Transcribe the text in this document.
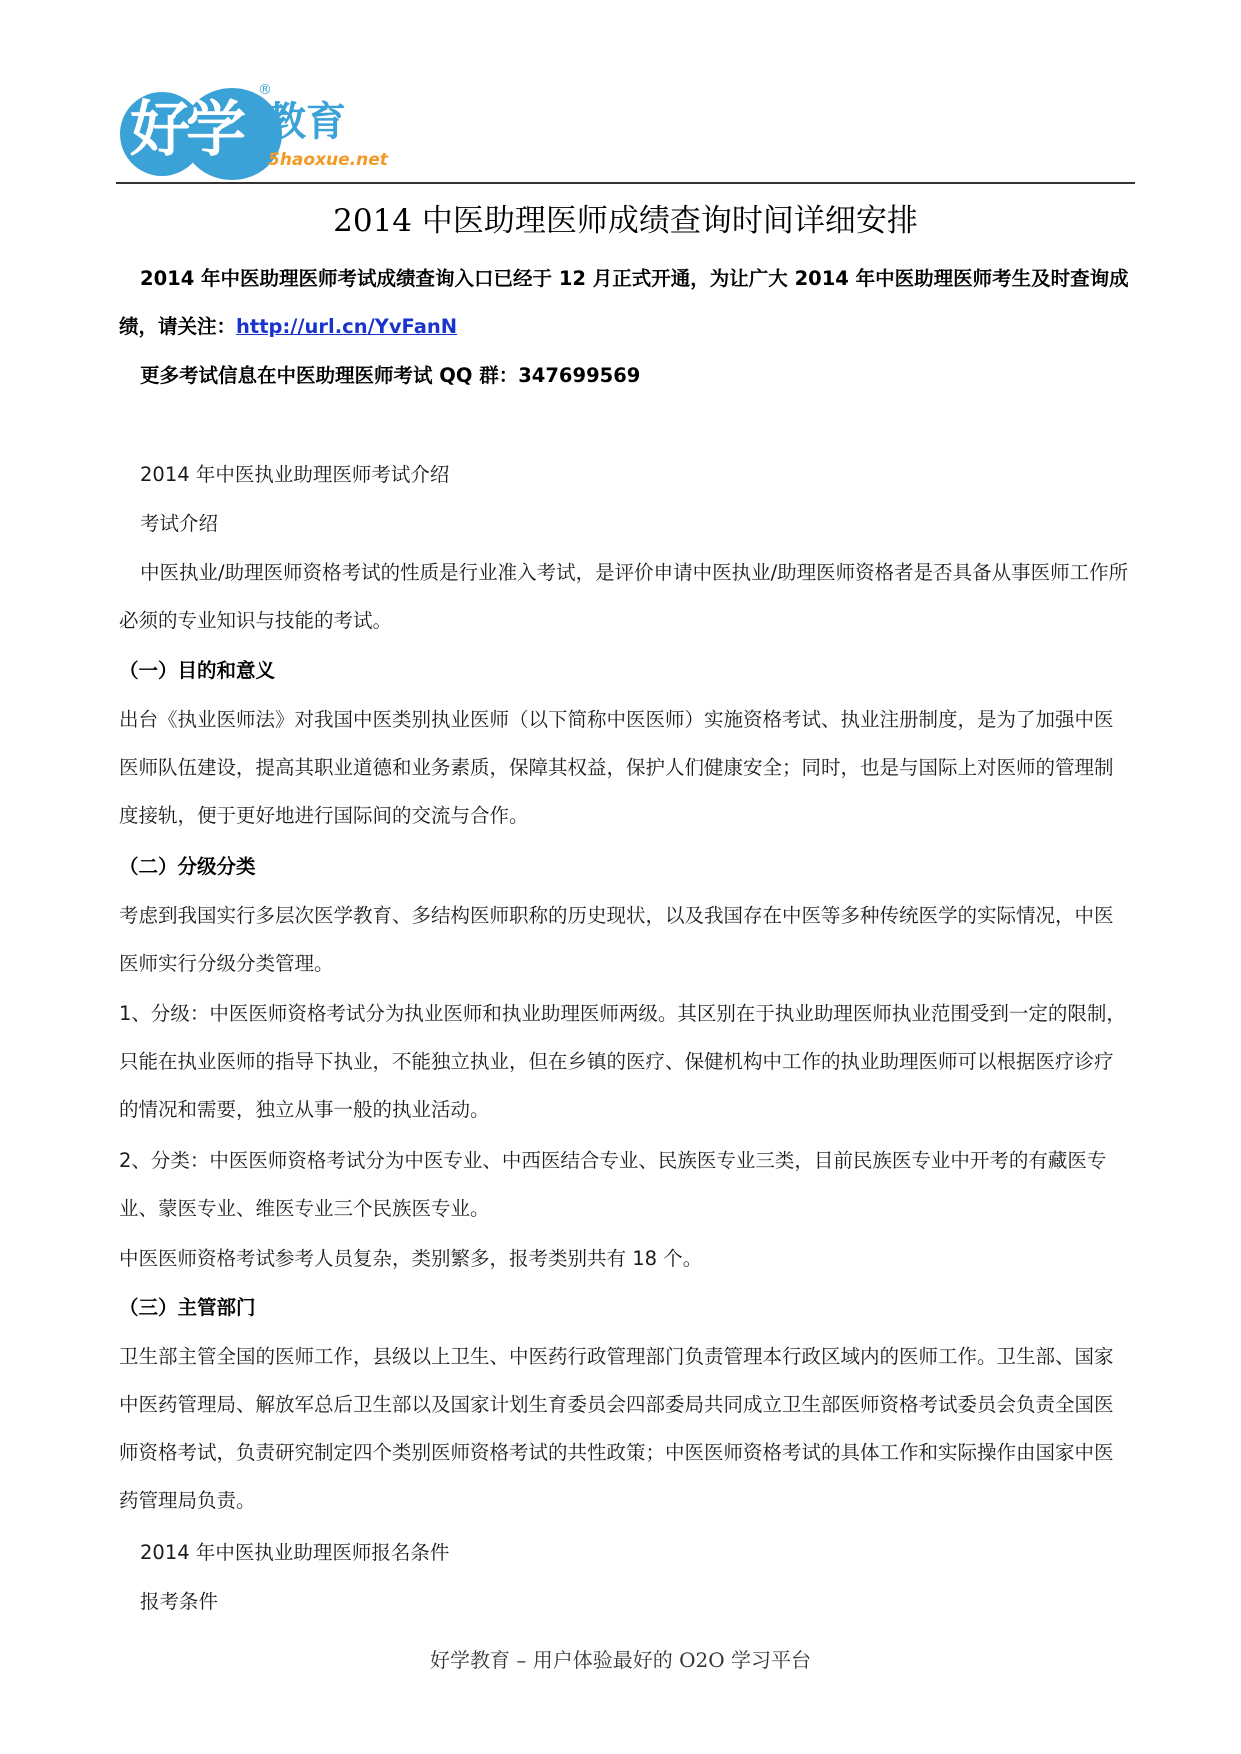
好学
®
教育
5haoxue.net
2014 中医助理医师成绩查询时间详细安排
2014 年中医助理医师考试成绩查询入口已经于 12 月正式开通，为让广大 2014 年中医助理医师考生及时查询成绩，请关注：http://url.cn/YvFanN
更多考试信息在中医助理医师考试 QQ 群：347699569
2014 年中医执业助理医师考试介绍
考试介绍
中医执业/助理医师资格考试的性质是行业准入考试，是评价申请中医执业/助理医师资格者是否具备从事医师工作所必须的专业知识与技能的考试。
（一）目的和意义
出台《执业医师法》对我国中医类别执业医师（以下简称中医医师）实施资格考试、执业注册制度，是为了加强中医医师队伍建设，提高其职业道德和业务素质，保障其权益，保护人们健康安全；同时，也是与国际上对医师的管理制度接轨，便于更好地进行国际间的交流与合作。
（二）分级分类
考虑到我国实行多层次医学教育、多结构医师职称的历史现状，以及我国存在中医等多种传统医学的实际情况，中医医师实行分级分类管理。
1、分级：中医医师资格考试分为执业医师和执业助理医师两级。其区别在于执业助理医师执业范围受到一定的限制，只能在执业医师的指导下执业，不能独立执业，但在乡镇的医疗、保健机构中工作的执业助理医师可以根据医疗诊疗的情况和需要，独立从事一般的执业活动。
2、分类：中医医师资格考试分为中医专业、中西医结合专业、民族医专业三类，目前民族医专业中开考的有藏医专业、蒙医专业、维医专业三个民族医专业。
中医医师资格考试参考人员复杂，类别繁多，报考类别共有 18 个。
（三）主管部门
卫生部主管全国的医师工作，县级以上卫生、中医药行政管理部门负责管理本行政区域内的医师工作。卫生部、国家中医药管理局、解放军总后卫生部以及国家计划生育委员会四部委局共同成立卫生部医师资格考试委员会负责全国医师资格考试，负责研究制定四个类别医师资格考试的共性政策；中医医师资格考试的具体工作和实际操作由国家中医药管理局负责。
2014 年中医执业助理医师报名条件
报考条件
好学教育 – 用户体验最好的 O2O 学习平台
